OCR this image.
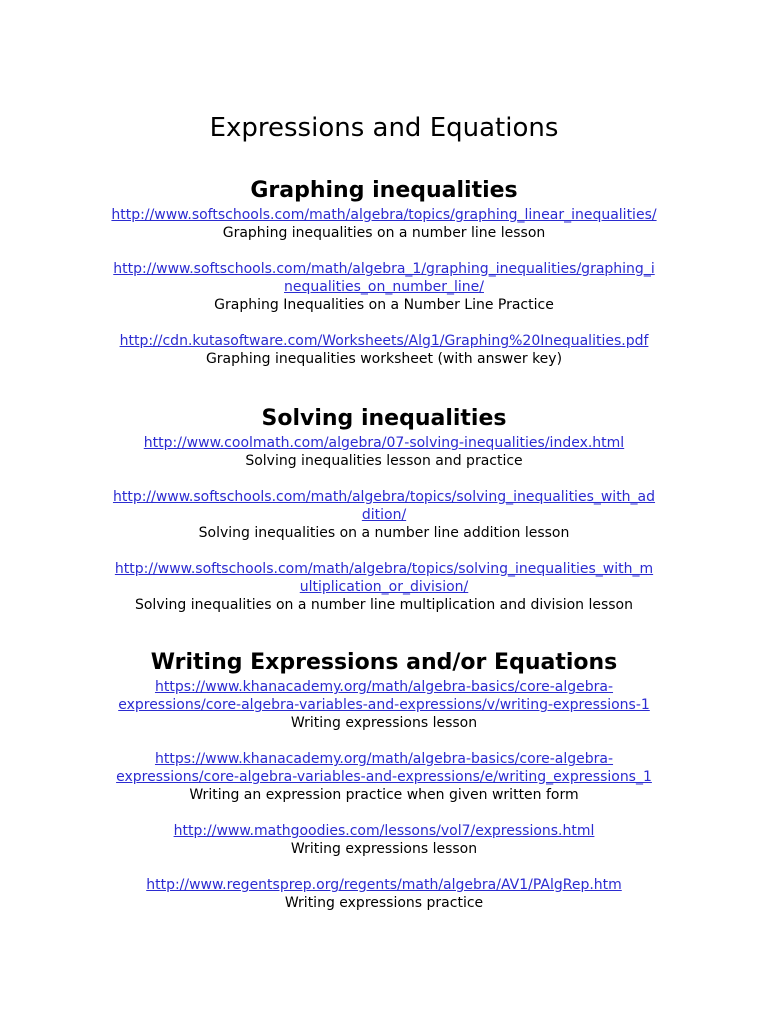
Expressions and Equations
Graphing inequalities
http://www.softschools.com/math/algebra/topics/graphing_linear_inequalities/
Graphing inequalities on a number line lesson
http://www.softschools.com/math/algebra_1/graphing_inequalities/graphing_i
nequalities_on_number_line/
Graphing Inequalities on a Number Line Practice
http://cdn.kutasoftware.com/Worksheets/Alg1/Graphing%20Inequalities.pdf
Graphing inequalities worksheet (with answer key)
Solving inequalities
http://www.coolmath.com/algebra/07-solving-inequalities/index.html
Solving inequalities lesson and practice
http://www.softschools.com/math/algebra/topics/solving_inequalities_with_ad
dition/
Solving inequalities on a number line addition lesson
http://www.softschools.com/math/algebra/topics/solving_inequalities_with_m
ultiplication_or_division/
Solving inequalities on a number line multiplication and division lesson
Writing Expressions and/or Equations
https://www.khanacademy.org/math/algebra-basics/core-algebra-
expressions/core-algebra-variables-and-expressions/v/writing-expressions-1
Writing expressions lesson
https://www.khanacademy.org/math/algebra-basics/core-algebra-
expressions/core-algebra-variables-and-expressions/e/writing_expressions_1
Writing an expression practice when given written form
http://www.mathgoodies.com/lessons/vol7/expressions.html
Writing expressions lesson
http://www.regentsprep.org/regents/math/algebra/AV1/PAlgRep.htm
Writing expressions practice
